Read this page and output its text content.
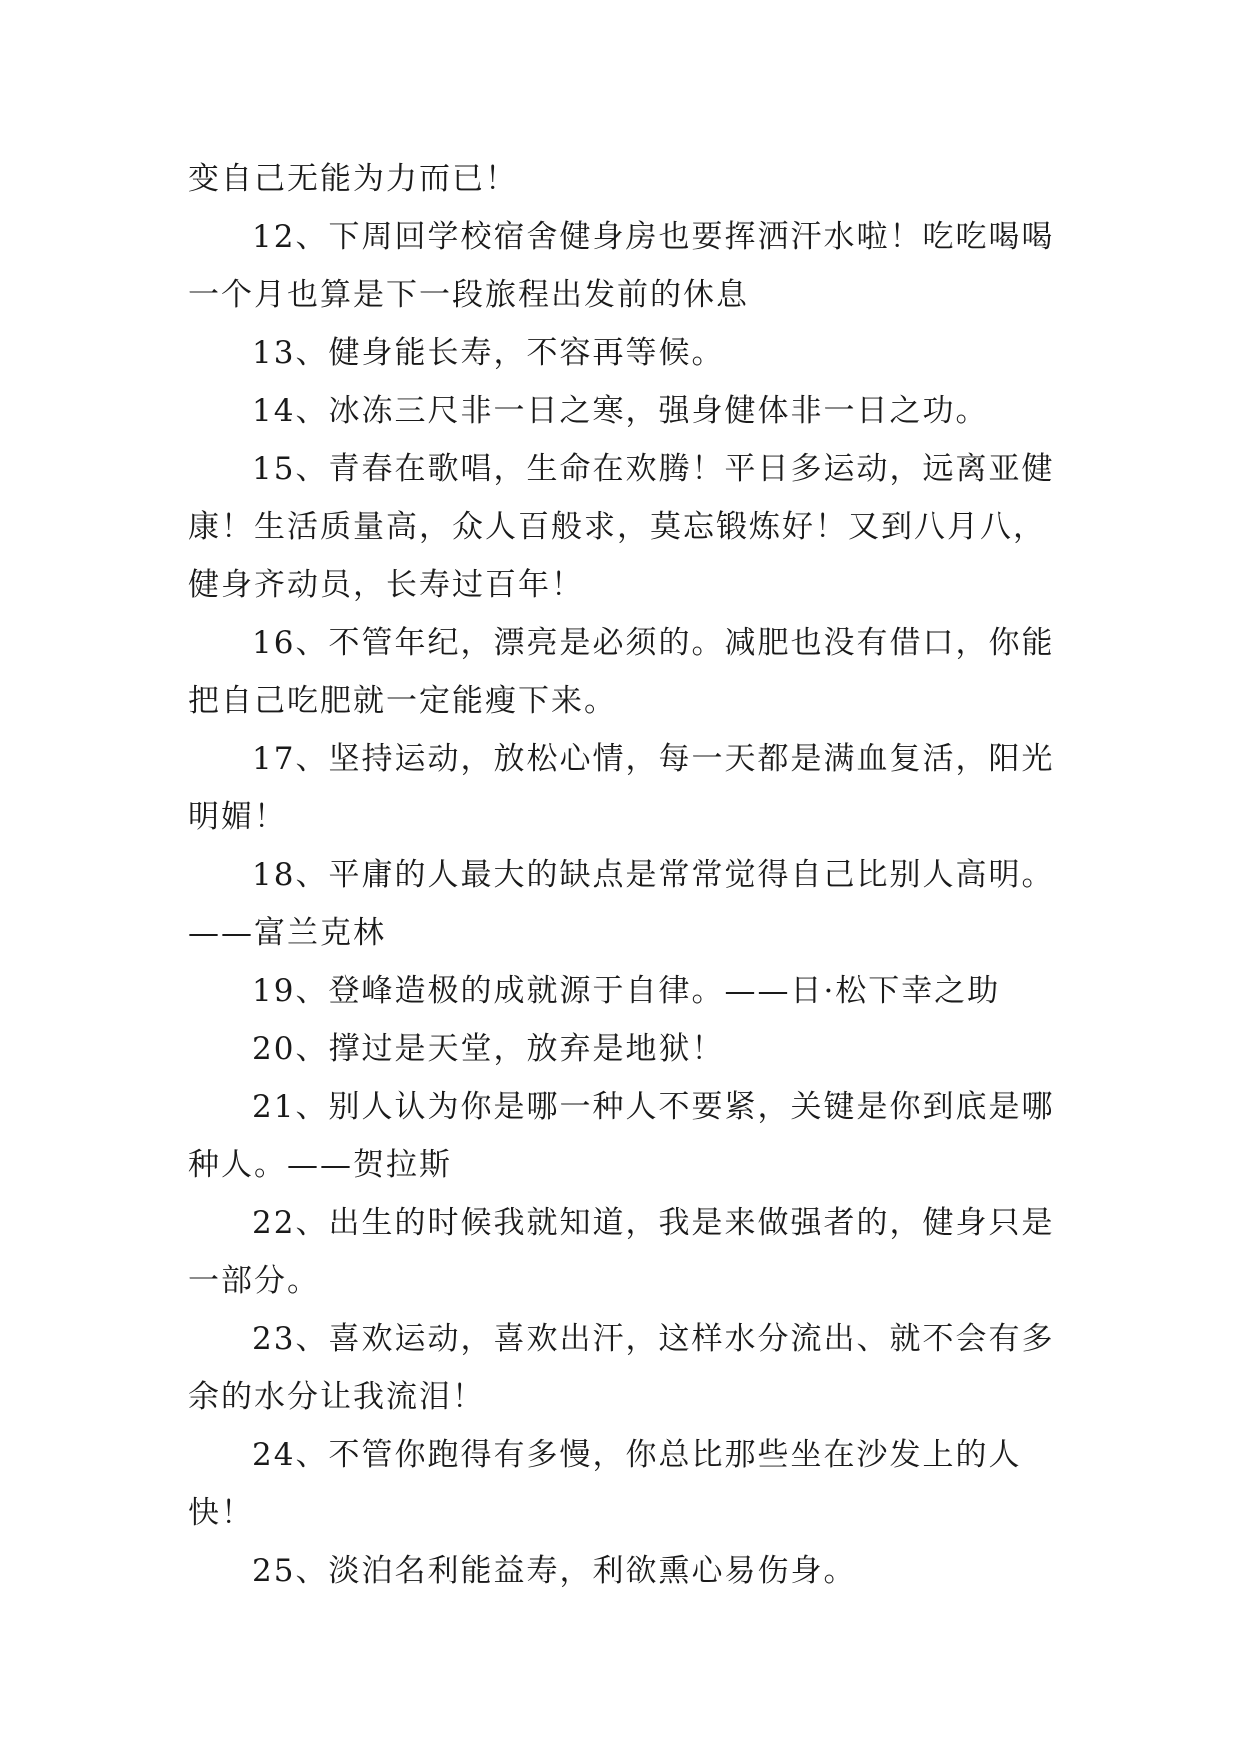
变自己无能为力而已！

12、下周回学校宿舍健身房也要挥洒汗水啦！吃吃喝喝一个月也算是下一段旅程出发前的休息

13、健身能长寿，不容再等候。

14、冰冻三尺非一日之寒，强身健体非一日之功。

15、青春在歌唱，生命在欢腾！平日多运动，远离亚健康！生活质量高，众人百般求，莫忘锻炼好！又到八月八，健身齐动员，长寿过百年！

16、不管年纪，漂亮是必须的。减肥也没有借口，你能把自己吃肥就一定能瘦下来。

17、坚持运动，放松心情，每一天都是满血复活，阳光明媚！

18、平庸的人最大的缺点是常常觉得自己比别人高明。——富兰克林

19、登峰造极的成就源于自律。——日·松下幸之助

20、撑过是天堂，放弃是地狱！

21、别人认为你是哪一种人不要紧，关键是你到底是哪种人。——贺拉斯

22、出生的时候我就知道，我是来做强者的，健身只是一部分。

23、喜欢运动，喜欢出汗，这样水分流出、就不会有多余的水分让我流泪！

24、不管你跑得有多慢，你总比那些坐在沙发上的人快！

25、淡泊名利能益寿，利欲熏心易伤身。
